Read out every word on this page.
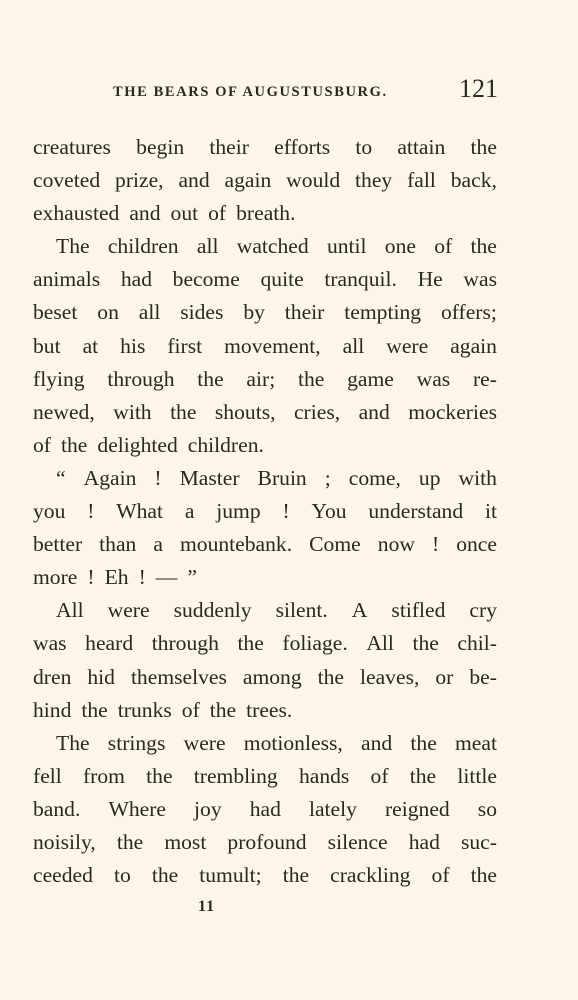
THE BEARS OF AUGUSTUSBURG.	121
creatures begin their efforts to attain the
coveted prize, and again would they fall back,
exhausted and out of breath.
The children all watched until one of the
animals had become quite tranquil. He was
beset on all sides by their tempting offers;
but at his first movement, all were again
flying through the air; the game was re-
newed, with the shouts, cries, and mockeries
of the delighted children.
“ Again ! Master Bruin ; come, up with
you ! What a jump ! You understand it
better than a mountebank. Come now ! once
more ! Eh ! — ”
All were suddenly silent. A stifled cry
was heard through the foliage. All the chil-
dren hid themselves among the leaves, or be-
hind the trunks of the trees.
The strings were motionless, and the meat
fell from the trembling hands of the little
band. Where joy had lately reigned so
noisily, the most profound silence had suc-
ceeded to the tumult; the crackling of the
11
